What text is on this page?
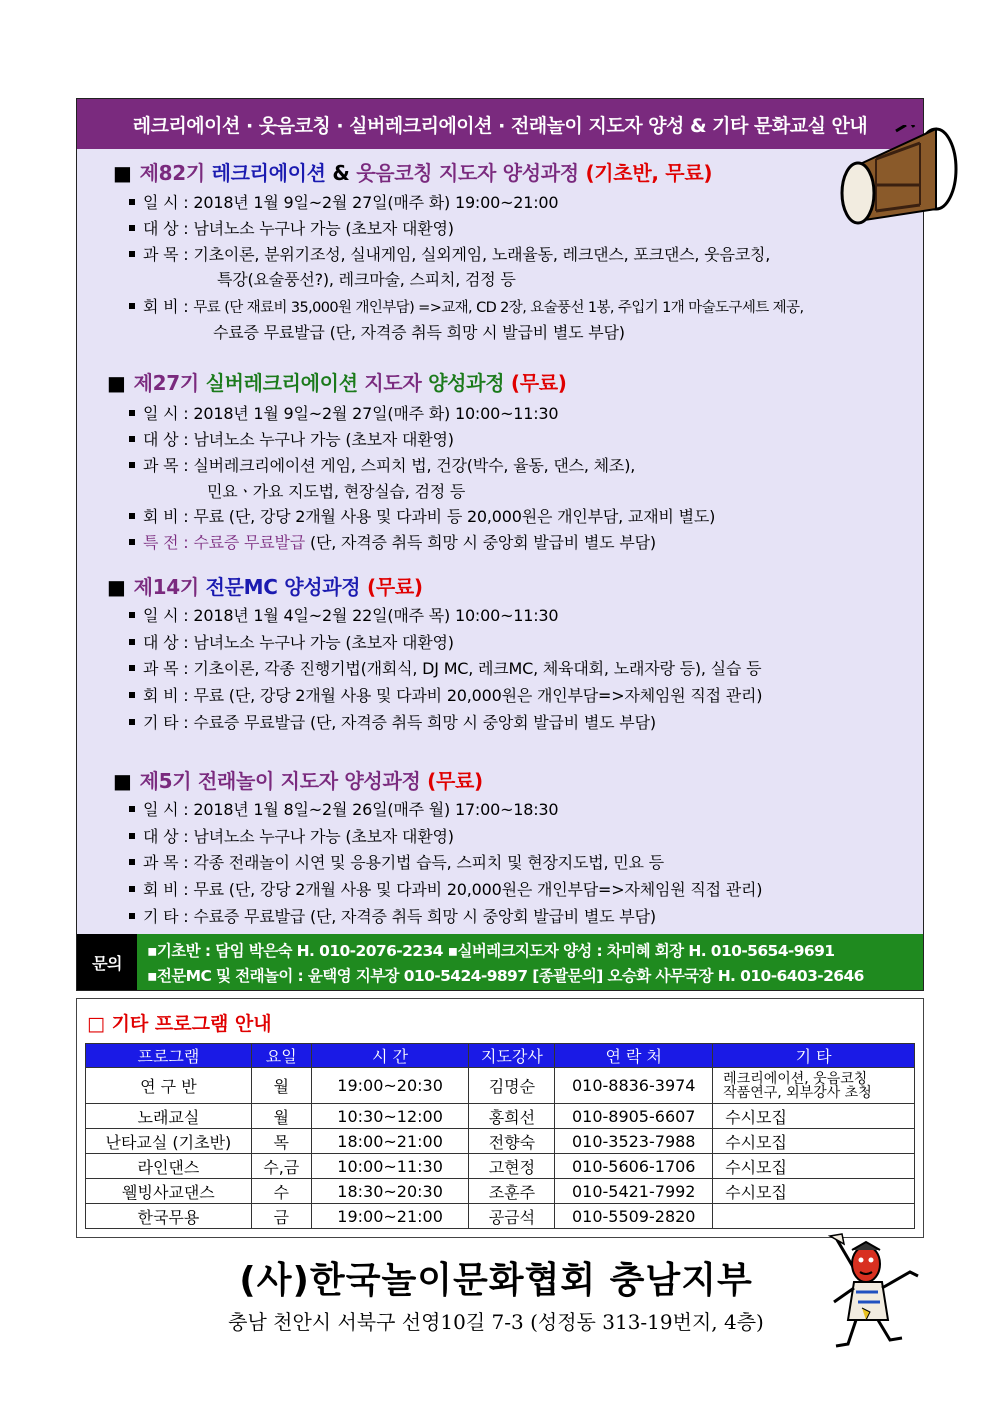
레크리에이션 · 웃음코칭 · 실버레크리에이션 · 전래놀이 지도자 양성 & 기타 문화교실 안내
■ 제82기 레크리에이션 & 웃음코칭 지도자 양성과정 (기초반, 무료)
일 시 : 2018년 1월 9일~2월 27일(매주 화) 19:00~21:00
대 상 : 남녀노소 누구나 가능 (초보자 대환영)
과 목 : 기초이론, 분위기조성, 실내게임, 실외게임, 노래율동, 레크댄스, 포크댄스, 웃음코칭,
특강(요술풍선?), 레크마술, 스피치, 검정 등
회 비 : 무료 (단 재료비 35,000원 개인부담) =>교재, CD 2장, 요술풍선 1봉, 주입기 1개 마술도구세트 제공,
수료증 무료발급 (단, 자격증 취득 희망 시 발급비 별도 부담)
■ 제27기 실버레크리에이션 지도자 양성과정 (무료)
일 시 : 2018년 1월 9일~2월 27일(매주 화) 10:00~11:30
대 상 : 남녀노소 누구나 가능 (초보자 대환영)
과 목 : 실버레크리에이션 게임, 스피치 법, 건강(박수, 율동, 댄스, 체조),
민요ㆍ가요 지도법, 현장실습, 검정 등
회 비 : 무료 (단, 강당 2개월 사용 및 다과비 등 20,000원은 개인부담, 교재비 별도)
특 전 : 수료증 무료발급 (단, 자격증 취득 희망 시 중앙회 발급비 별도 부담)
■ 제14기 전문MC 양성과정 (무료)
일 시 : 2018년 1월 4일~2월 22일(매주 목) 10:00~11:30
대 상 : 남녀노소 누구나 가능 (초보자 대환영)
과 목 : 기초이론, 각종 진행기법(개회식, DJ MC, 레크MC, 체육대회, 노래자랑 등), 실습 등
회 비 : 무료 (단, 강당 2개월 사용 및 다과비 20,000원은 개인부담=>자체임원 직접 관리)
기 타 : 수료증 무료발급 (단, 자격증 취득 희망 시 중앙회 발급비 별도 부담)
■ 제5기 전래놀이 지도자 양성과정 (무료)
일 시 : 2018년 1월 8일~2월 26일(매주 월) 17:00~18:30
대 상 : 남녀노소 누구나 가능 (초보자 대환영)
과 목 : 각종 전래놀이 시연 및 응용기법 습득, 스피치 및 현장지도법, 민요 등
회 비 : 무료 (단, 강당 2개월 사용 및 다과비 20,000원은 개인부담=>자체임원 직접 관리)
기 타 : 수료증 무료발급 (단, 자격증 취득 희망 시 중앙회 발급비 별도 부담)
문의
▪기초반 : 담임 박은숙 H. 010-2076-2234 ▪실버레크지도자 양성 : 차미혜 회장 H. 010-5654-9691
▪전문MC 및 전래놀이 : 윤택영 지부장 010-5424-9897 [종괄문의] 오승화 사무국장 H. 010-6403-2646
□ 기타 프로그램 안내
프로그램	요일	시 간	지도강사	연 락 처	기 타
연 구 반	월	19:00~20:30	김명순	010-8836-3974	레크리에이션, 웃음코칭
작품연구, 외부강사 초청

노래교실	월	10:30~12:00	홍희선	010-8905-6607	수시모집
난타교실 (기초반)	목	18:00~21:00	전향숙	010-3523-7988	수시모집
라인댄스	수,금	10:00~11:30	고현정	010-5606-1706	수시모집
웰빙사교댄스	수	18:30~20:30	조훈주	010-5421-7992	수시모집
한국무용	금	19:00~21:00	공금석	010-5509-2820	
(사)한국놀이문화협회 충남지부
충남 천안시 서북구 선영10길 7-3 (성정동 313-19번지, 4층)
